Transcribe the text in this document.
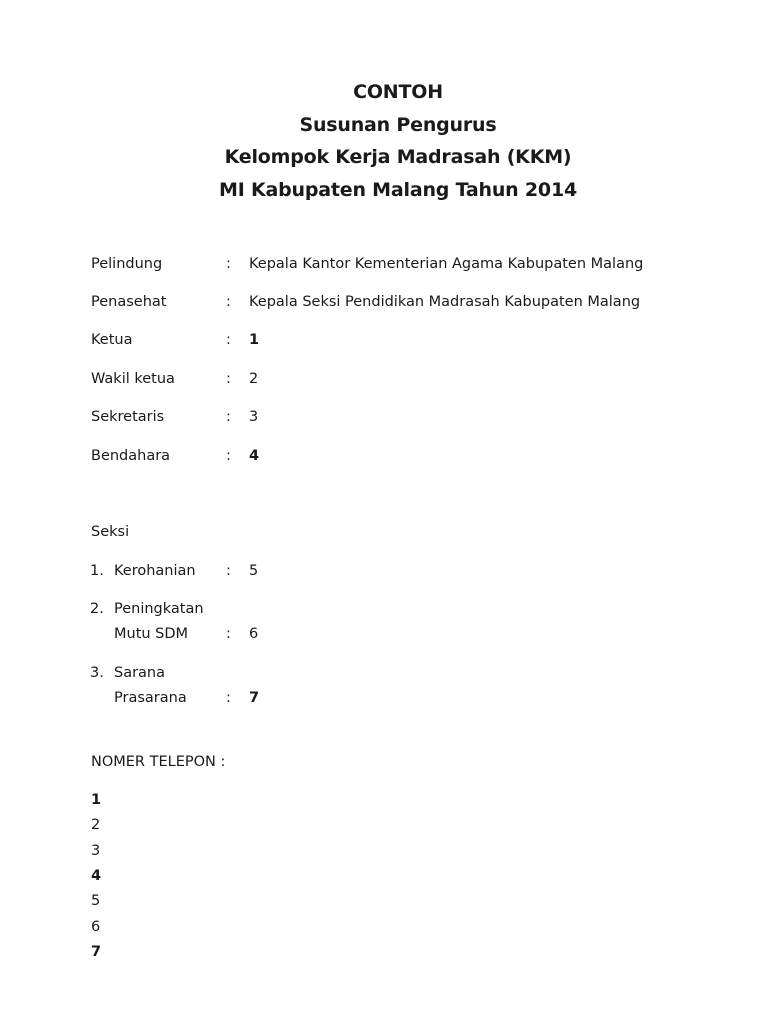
CONTOH
Susunan Pengurus
Kelompok Kerja Madrasah (KKM)
MI Kabupaten Malang Tahun 2014
Pelindung	: Kepala Kantor Kementerian Agama Kabupaten Malang
Penasehat	: Kepala Seksi Pendidikan Madrasah Kabupaten Malang
Ketua	: 1
Wakil ketua	: 2
Sekretaris	: 3
Bendahara	: 4
Seksi
1. Kerohanian : 5
2. Peningkatan
Mutu SDM	: 6
3. Sarana
Prasarana	: 7
NOMER TELEPON :
1
2
3
4
5
6
7
